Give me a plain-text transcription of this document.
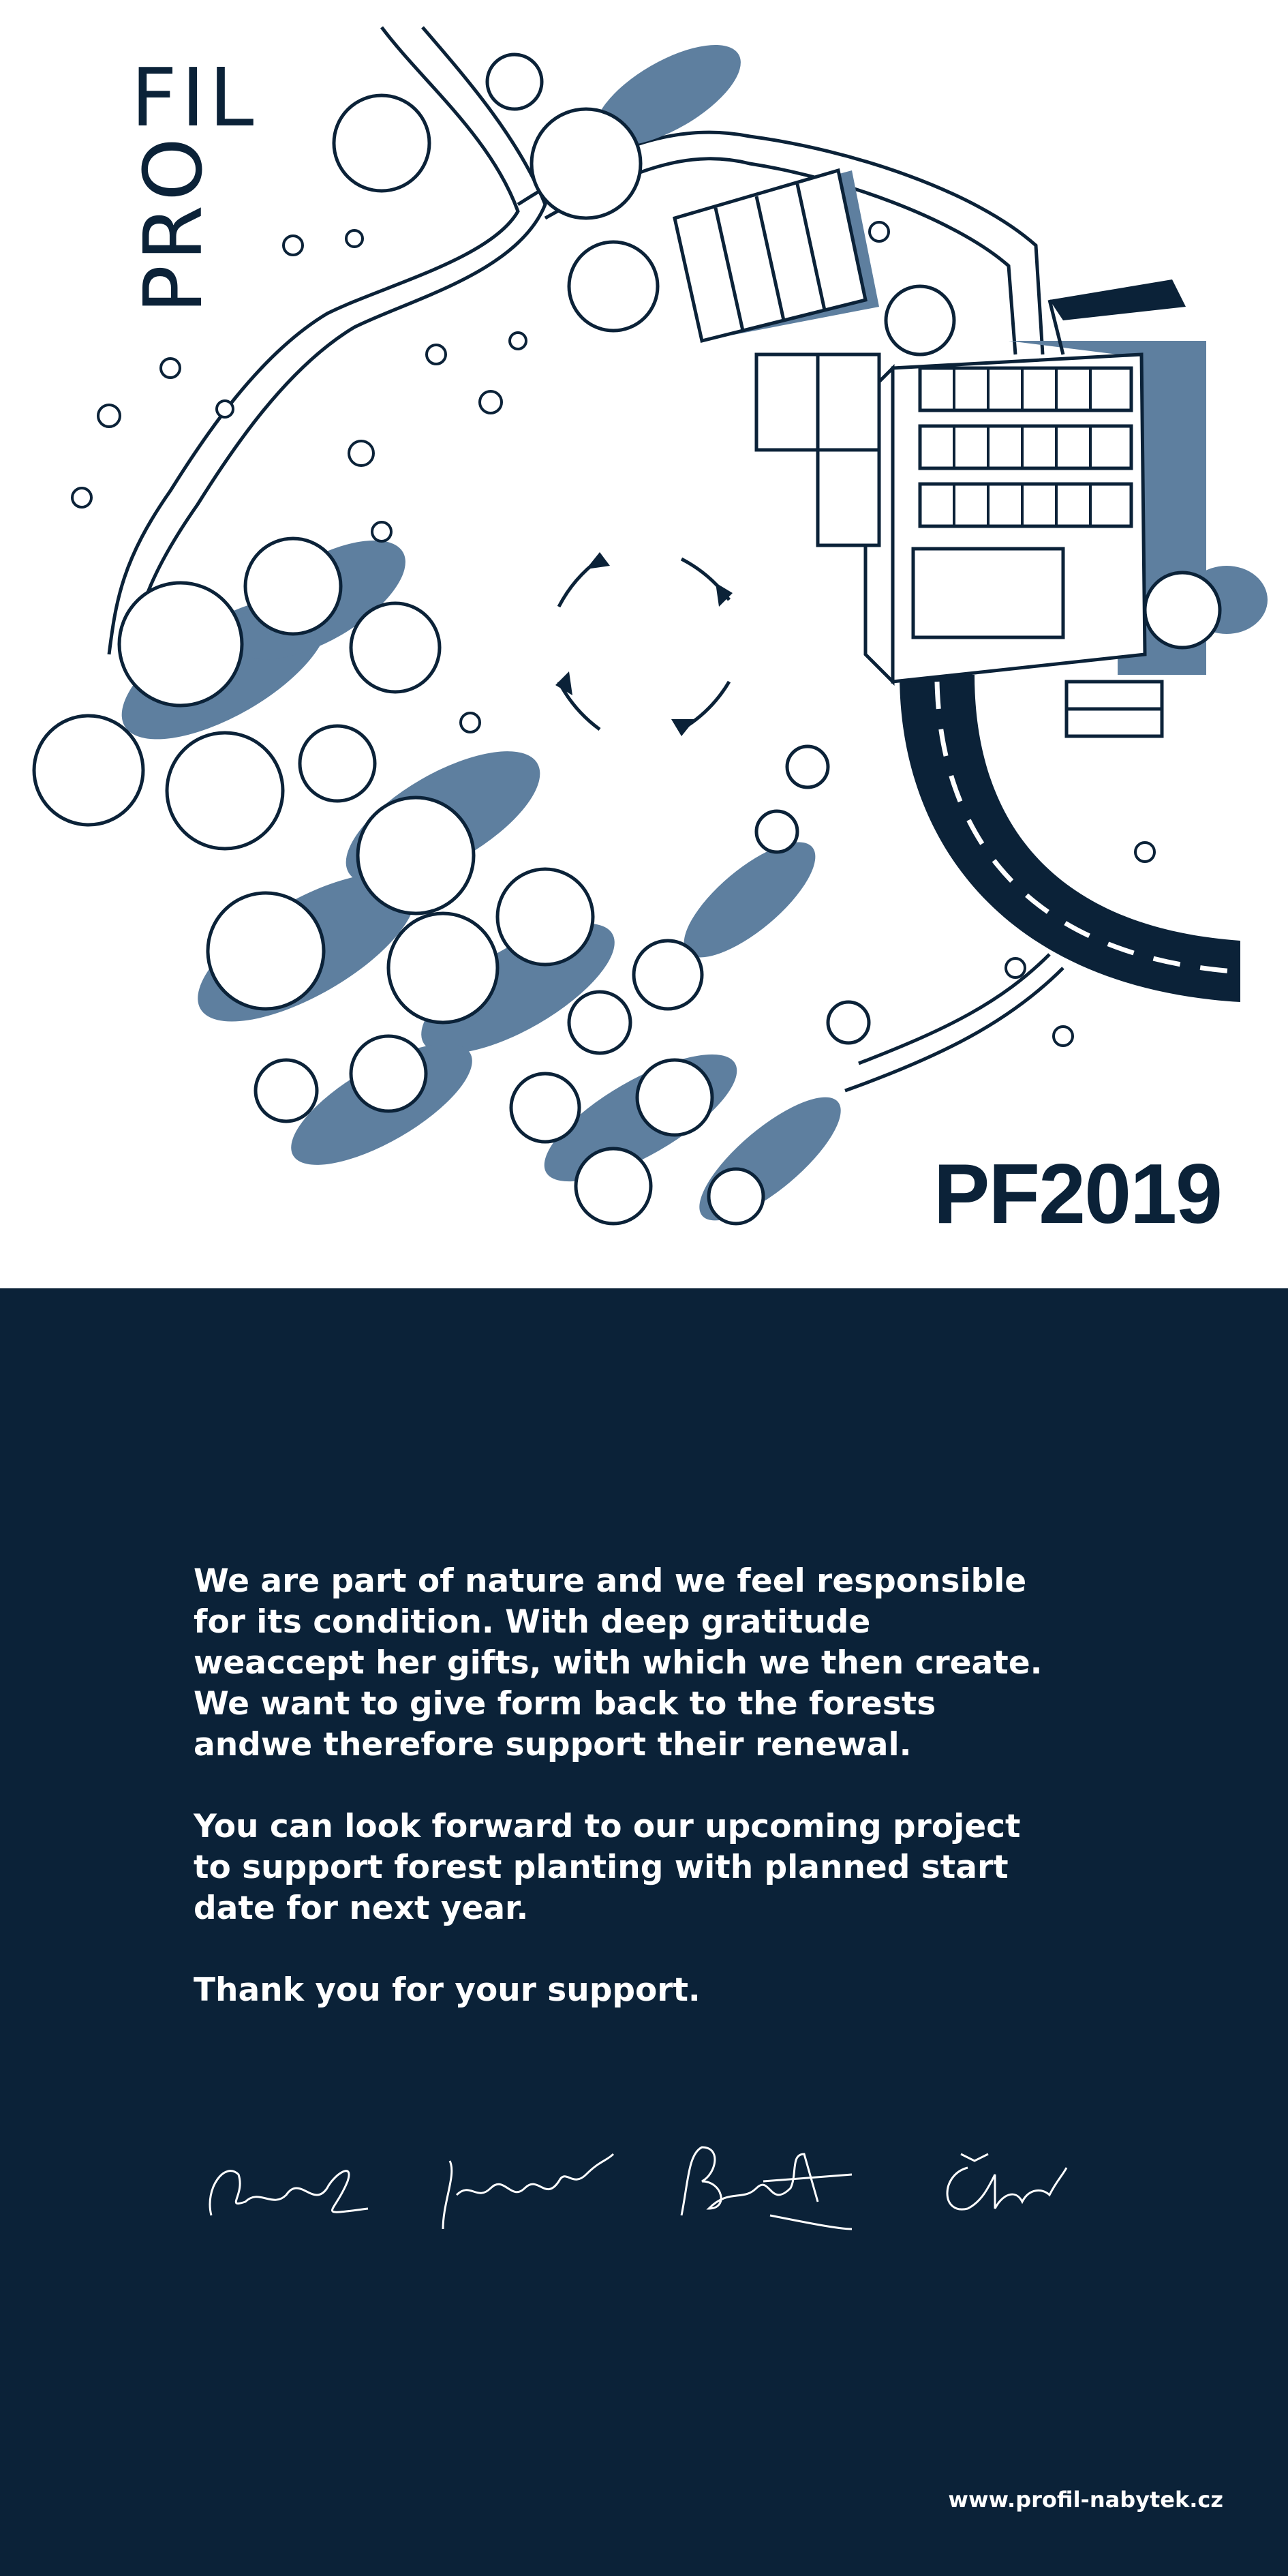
PRO
FIL
PF2019

We are part of nature and we feel responsible
for its condition. With deep gratitude
weaccept her gifts, with which we then create.
We want to give form back to the forests
andwe therefore support their renewal.

You can look forward to our upcoming project
to support forest planting with planned start
date for next year.

Thank you for your support.

www.profil-nabytek.cz
